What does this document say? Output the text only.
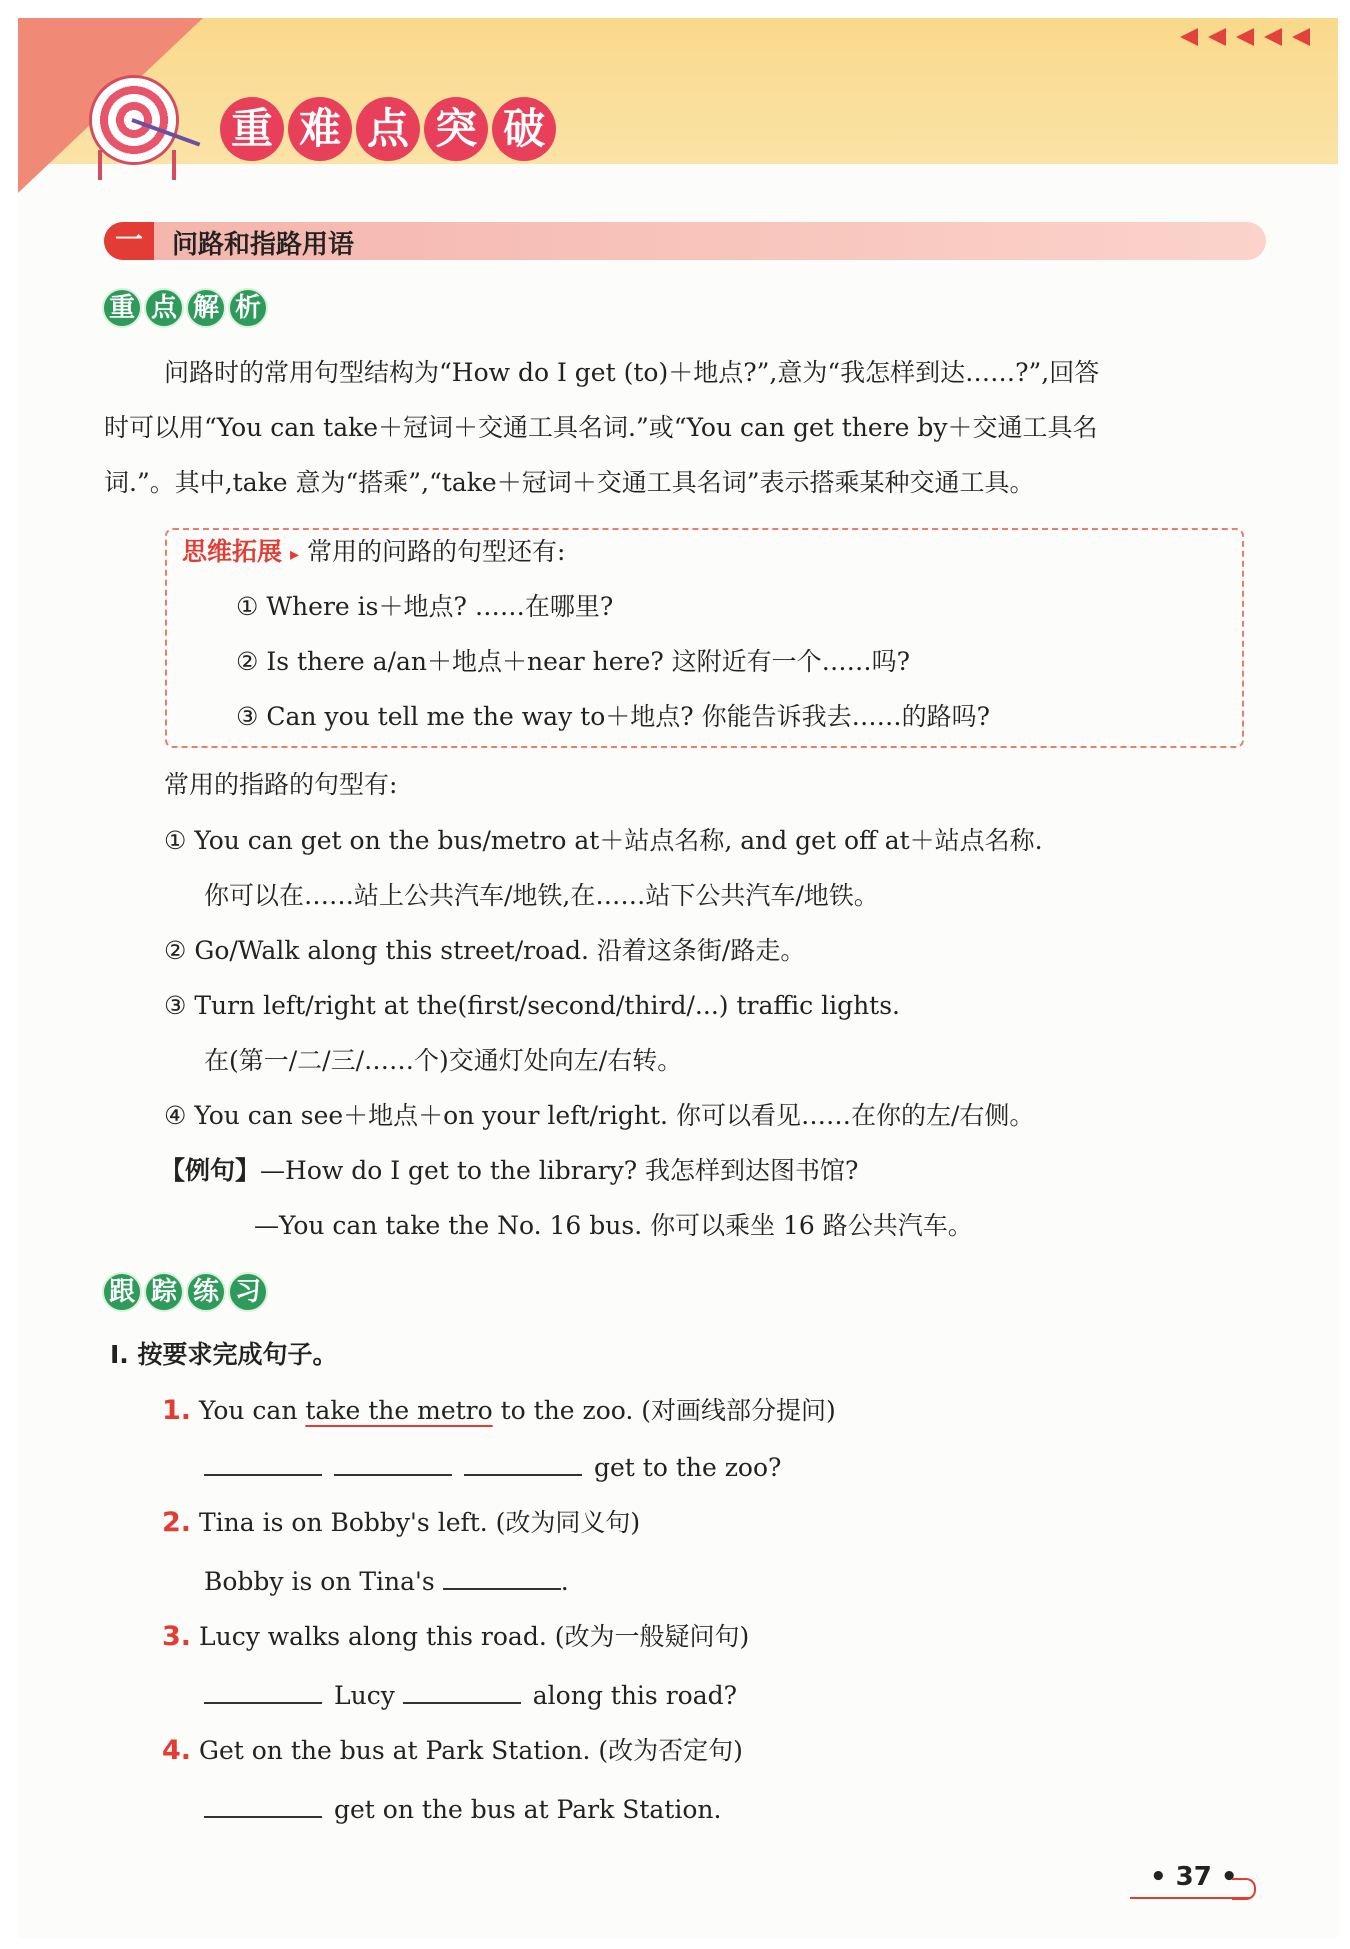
重 难 点 突 破
一	问路和指路用语
重 点 解 析
问路时的常用句型结构为“How do I get (to)＋地点?”,意为“我怎样到达……?”,回答
时可以用“You can take＋冠词＋交通工具名词.”或“You can get there by＋交通工具名
词.”。其中,take 意为“搭乘”,“take＋冠词＋交通工具名词”表示搭乘某种交通工具。
思维拓展 ▸ 常用的问路的句型还有:
① Where is＋地点? ……在哪里?
② Is there a/an＋地点＋near here? 这附近有一个……吗?
③ Can you tell me the way to＋地点? 你能告诉我去……的路吗?
常用的指路的句型有:
① You can get on the bus/metro at＋站点名称, and get off at＋站点名称.
你可以在……站上公共汽车/地铁,在……站下公共汽车/地铁。
② Go/Walk along this street/road. 沿着这条街/路走。
③ Turn left/right at the(first/second/third/...) traffic lights.
在(第一/二/三/……个)交通灯处向左/右转。
④ You can see＋地点＋on your left/right. 你可以看见……在你的左/右侧。
【例句】—How do I get to the library? 我怎样到达图书馆?
—You can take the No. 16 bus. 你可以乘坐 16 路公共汽车。
跟 踪 练 习
Ⅰ. 按要求完成句子。
1. You can take the metro to the zoo. (对画线部分提问)
get to the zoo?
2. Tina is on Bobby's left. (改为同义句)
Bobby is on Tina's	.
3. Lucy walks along this road. (改为一般疑问句)
Lucy	along this road?
4. Get on the bus at Park Station. (改为否定句)
get on the bus at Park Station.
• 37 •
